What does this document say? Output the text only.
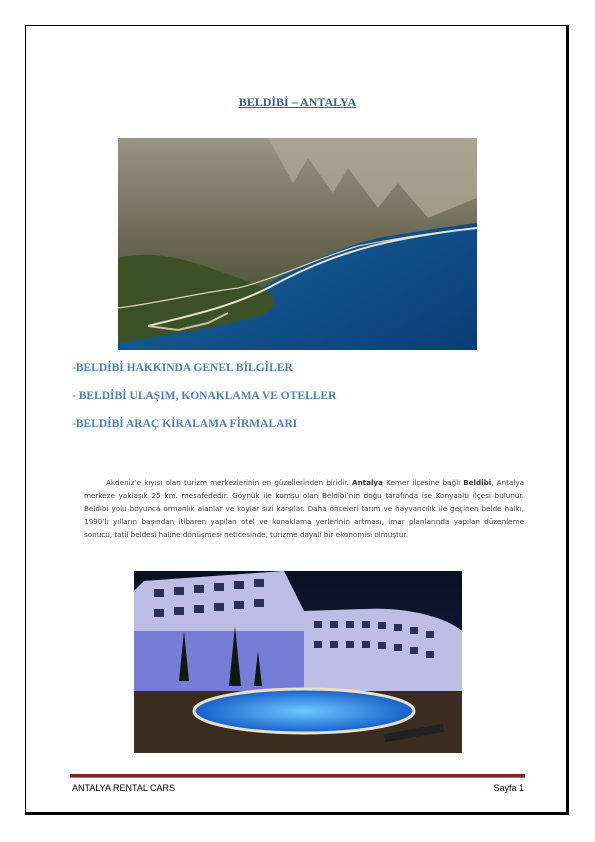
BELDİBİ – ANTALYA
-BELDİBİ HAKKINDA GENEL BİLGİLER
- BELDİBİ ULAŞIM, KONAKLAMA VE OTELLER
-BELDİBİ ARAÇ KİRALAMA FİRMALARI
Akdeniz’e kıyısı olan turizm merkezlerinin en güzellerinden biridir. Antalya Kemer ilçesine bağlı Beldibi, Antalya merkeze yaklaşık 25 km. mesafededir. Göynük ile komşu olan Beldibi’nin doğu tarafında ise Konyaaltı ilçesi bulunur. Beldibi yolu boyunca ormanlık alanlar ve koylar sizi karşılar. Daha önceleri tarım ve hayvancılık ile geçinen belde halkı, 1990’lı yılların başından itibaren yapılan otel ve konaklama yerlerinin artması, imar planlarında yapılan düzenleme sonucu, tatil beldesi haline dönüşmesi neticesinde, turizme dayalı bir ekonomisi olmuştur.
ANTALYA RENTAL CARS	Sayfa 1
